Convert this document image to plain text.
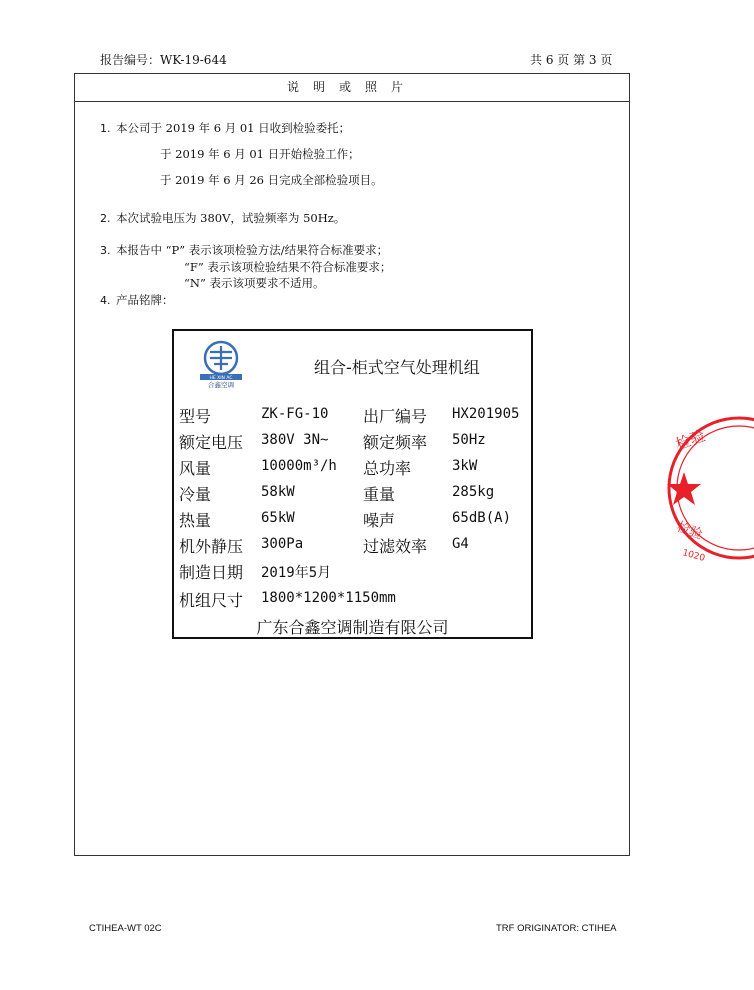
报告编号：WK-19-644	共 6 页 第 3 页
说明或照片
1. 本公司于 2019 年 6 月 01 日收到检验委托；
于 2019 年 6 月 01 日开始检验工作；
于 2019 年 6 月 26 日完成全部检验项目。
2. 本次试验电压为 380V，试验频率为 50Hz。
3. 本报告中 “P” 表示该项检验方法/结果符合标准要求；
“F” 表示该项检验结果不符合标准要求；
“N” 表示该项要求不适用。
4. 产品铭牌：
HE XIN AC
合鑫空调
组合-柜式空气处理机组
型号	ZK-FG-10 出厂编号 HX201905
额定电压 380V 3N~ 额定频率 50Hz
风量	10000m³/h 总功率	3kW
冷量	58kW	重量	285kg
热量	65kW	噪声	65dB(A)
机外静压 300Pa	过滤效率 G4
制造日期 2019年5月
机组尺寸 1800*1200*1150mm
广东合鑫空调制造有限公司
检验
检验
1020
CTIHEA-WT 02C	TRF ORIGINATOR: CTIHEA
